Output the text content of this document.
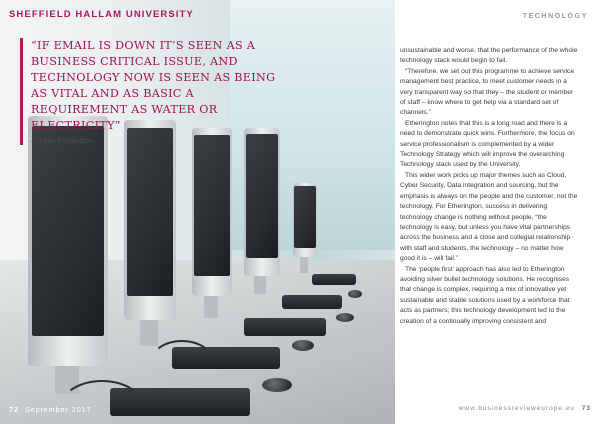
SHEFFIELD HALLAM UNIVERSITY

“IF EMAIL IS DOWN IT’S SEEN AS A BUSINESS CRITICAL ISSUE, AND TECHNOLOGY NOW IS SEEN AS BEING AS VITAL AND AS BASIC A REQUIREMENT AS WATER OR ELECTRICITY”

— Leon Etherington

72 September 2017
TECHNOLOGY

unsustainable and worse, that the performance of the whole technology stack would begin to fail.

“Therefore, we set out this programme to achieve service management best practice, to meet customer needs in a very transparent way so that they – the student or member of staff – know where to get help via a standard set of channels.”

Etherington notes that this is a long road and there is a need to demonstrate quick wins. Furthermore, the focus on service professionalism is complemented by a wider Technology Strategy which will improve the overarching Technology stack used by the University.

This wider work picks up major themes such as Cloud, Cyber Security, Data integration and sourcing, but the emphasis is always on the people and the customer, not the technology. For Etherington, success in delivering technology change is nothing without people, “the technology is easy, but unless you have vital partnerships across the business and a close and collegial relationship with staff and students, the technology – no matter how good it is – will fail.”

The ‘people first’ approach has also led to Etherington avoiding silver bullet technology solutions. He recognises that change is complex, requiring a mix of innovative yet sustainable and stable solutions used by a workforce that acts as partners; this technology development led to the creation of a continually improving consistent and

www.businessrevieweurope.eu 73
